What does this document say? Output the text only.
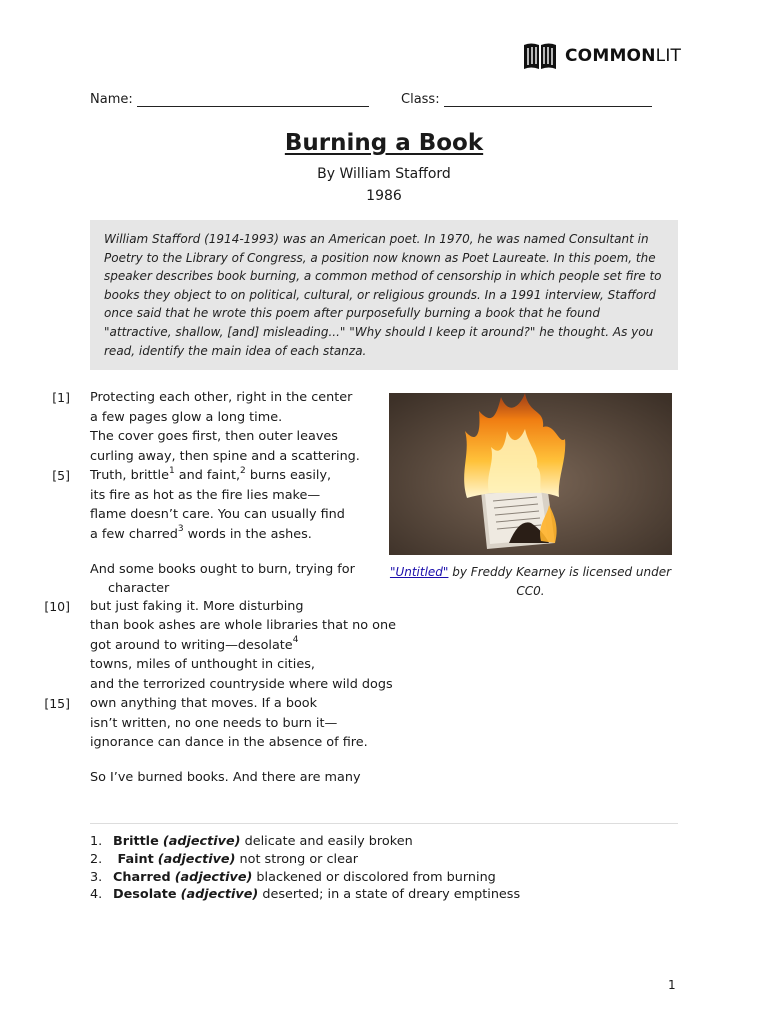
COMMONLIT
Name:	Class:
Burning a Book
By William Stafford
1986
William Stafford (1914-1993) was an American poet. In 1970, he was named Consultant in Poetry to the Library of Congress, a position now known as Poet Laureate. In this poem, the speaker describes book burning, a common method of censorship in which people set fire to books they object to on political, cultural, or religious grounds. In a 1991 interview, Stafford once said that he wrote this poem after purposefully burning a book that he found "attractive, shallow, [and] misleading..." "Why should I keep it around?" he thought. As you read, identify the main idea of each stanza.
[1] Protecting each other, right in the center
a few pages glow a long time.
The cover goes first, then outer leaves
curling away, then spine and a scattering.
[5] Truth, brittle$^1$ and faint,$^2$ burns easily,
its fire as hot as the fire lies make—
flame doesn’t care. You can usually find
a few charred$^3$ words in the ashes.
And some books ought to burn, trying for
character
[10] but just faking it. More disturbing
than book ashes are whole libraries that no one
got around to writing—desolate$^4$
towns, miles of unthought in cities,
and the terrorized countryside where wild dogs
[15] own anything that moves. If a book
isn’t written, no one needs to burn it—
ignorance can dance in the absence of fire.
So I’ve burned books. And there are many
"Untitled" by Freddy Kearney is licensed under CC0.
1. Brittle (adjective) delicate and easily broken
2. Faint (adjective) not strong or clear
3. Charred (adjective) blackened or discolored from burning
4. Desolate (adjective) deserted; in a state of dreary emptiness
1
